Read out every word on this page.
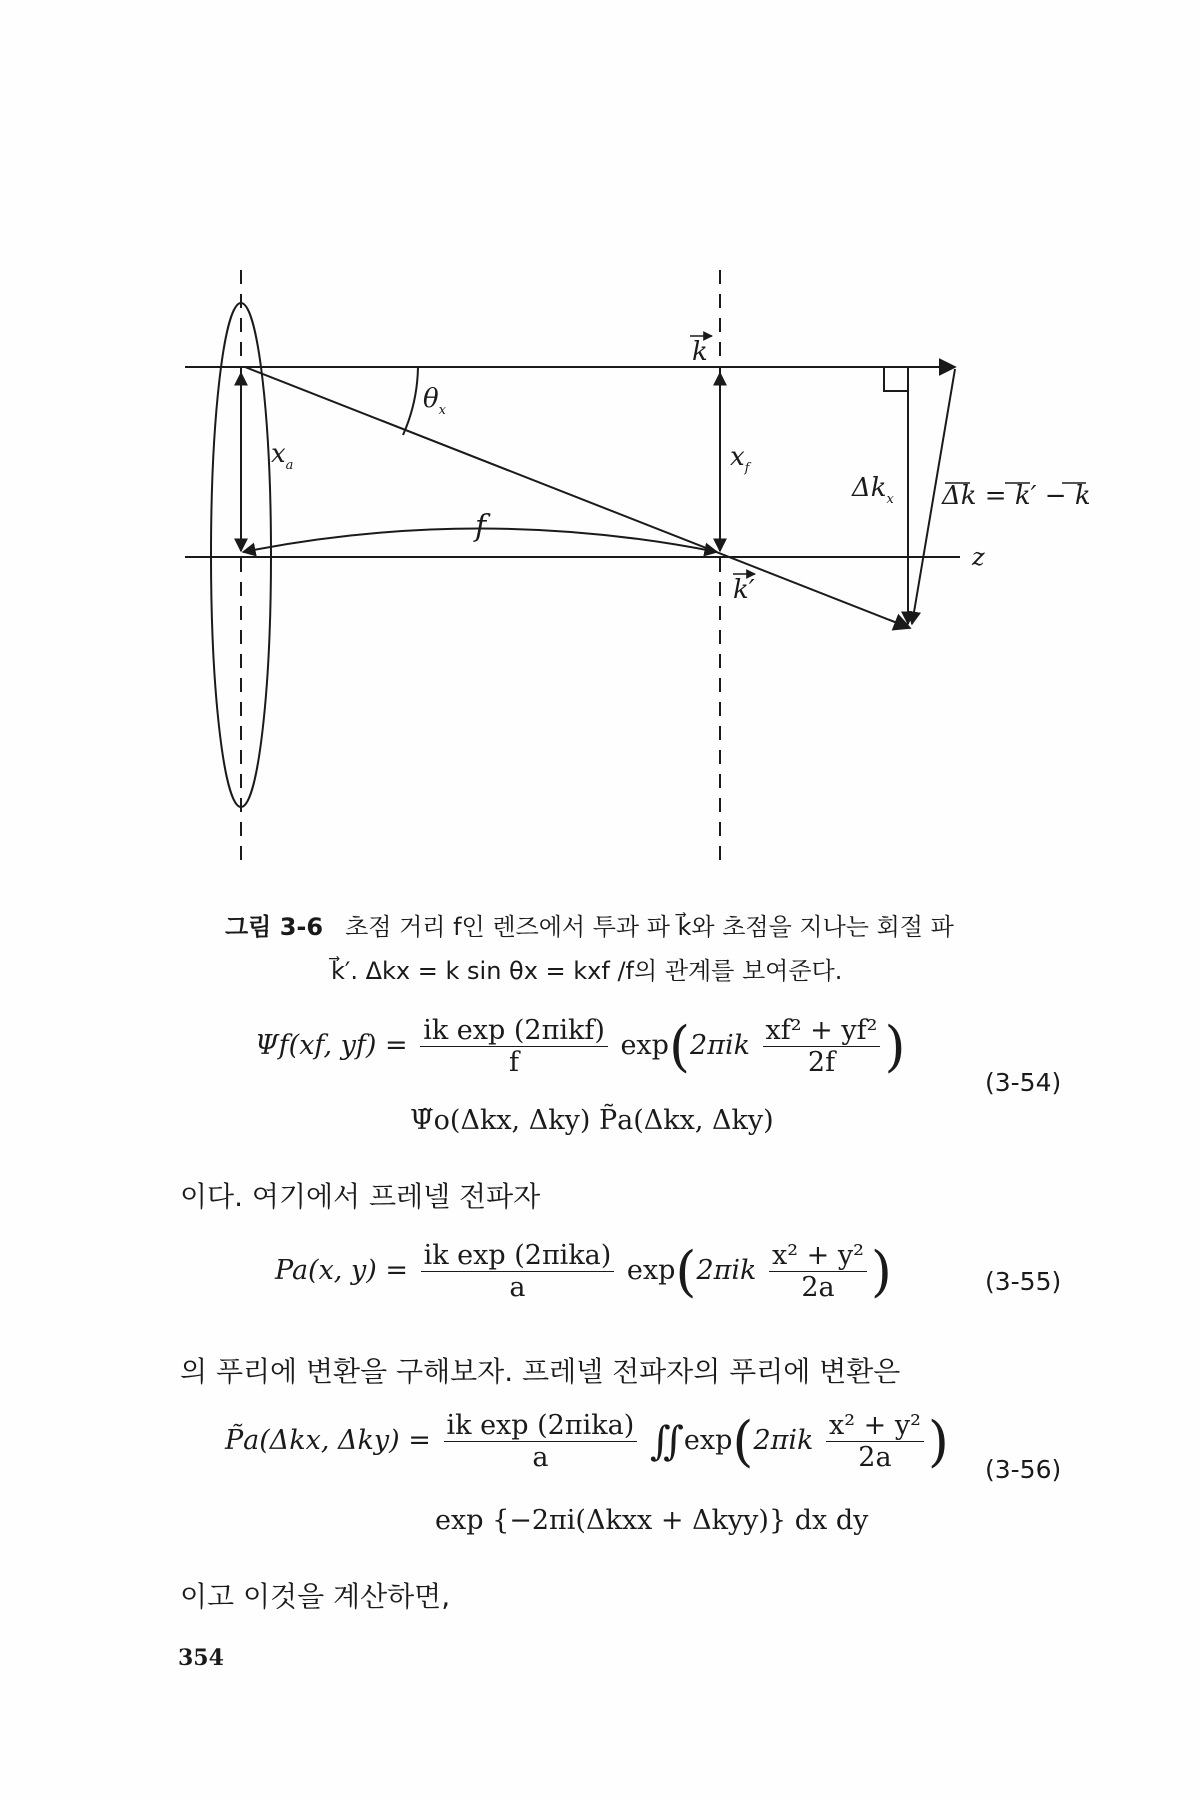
k
$\theta_x$
$x_a$	$x_f$
$\Delta k_x$ Δk = k′ − k
f
z
k′
그림 3-6 초점 거리 f인 렌즈에서 투과 파 k⃗와 초점을 지나는 회절 파
k⃗′. Δkx = k sin θx = kxf /f의 관계를 보여준다.
Ψf(xf, $yf) = \frac{\text{ik exp (2πikf)}}{f} \exp(2\pi ik \frac{\text{xf² + yf²}}{2f}$ )
Ψ̃o(Δkx, Δky) P̃a(Δkx, Δky)
(3-54)
이다. 여기에서 프레넬 전파자
Pa(x, $y) = \frac{\text{ik exp (2πika)}}{a} \exp(2\pi ik \frac{\text{x² + y²}}{2a}$ )	(3-55)
의 푸리에 변환을 구해보자. 프레넬 전파자의 푸리에 변환은
P̃a(Δkx, $\Delta ky) = \frac{\text{ik exp (2πika)}}{a}$ ∬exp(2πik $\frac{\text{x² + y²}}{2a}$ )
exp {−2πi(Δkxx + Δkyy)} dx dy
(3-56)
이고 이것을 계산하면,
354
